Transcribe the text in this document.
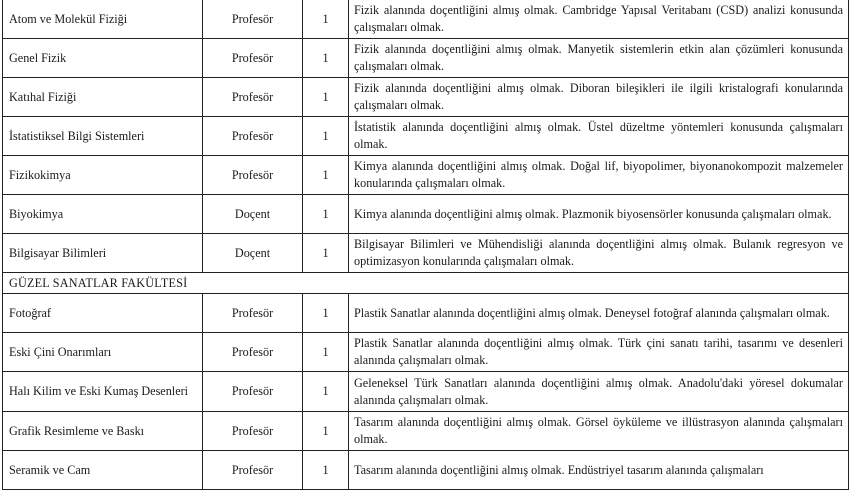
Atom ve Molekül Fiziği	Profesör	1	Fizik alanında doçentliğini almış olmak. Cambridge Yapısal Veritabanı (CSD) analizi konusunda çalışmaları olmak.
Genel Fizik	Profesör	1	Fizik alanında doçentliğini almış olmak. Manyetik sistemlerin etkin alan çözümleri konusunda çalışmaları olmak.
Katıhal Fiziği	Profesör	1	Fizik alanında doçentliğini almış olmak. Diboran bileşikleri ile ilgili kristalografi konularında çalışmaları olmak.
İstatistiksel Bilgi Sistemleri	Profesör	1	İstatistik alanında doçentliğini almış olmak. Üstel düzeltme yöntemleri konusunda çalışmaları olmak.
Fizikokimya	Profesör	1	Kimya alanında doçentliğini almış olmak. Doğal lif, biyopolimer, biyonanokompozit malzemeler konularında çalışmaları olmak.
Biyokimya	Doçent	1	Kimya alanında doçentliğini almış olmak. Plazmonik biyosensörler konusunda çalışmaları olmak.
Bilgisayar Bilimleri	Doçent	1	Bilgisayar Bilimleri ve Mühendisliği alanında doçentliğini almış olmak. Bulanık regresyon ve optimizasyon konularında çalışmaları olmak.
GÜZEL SANATLAR FAKÜLTESİ			
Fotoğraf	Profesör	1	Plastik Sanatlar alanında doçentliğini almış olmak. Deneysel fotoğraf alanında çalışmaları olmak.
Eski Çini Onarımları	Profesör	1	Plastik Sanatlar alanında doçentliğini almış olmak. Türk çini sanatı tarihi, tasarımı ve desenleri alanında çalışmaları olmak.
Halı Kilim ve Eski Kumaş Desenleri	Profesör	1	Geleneksel Türk Sanatları alanında doçentliğini almış olmak. Anadolu'daki yöresel dokumalar alanında çalışmaları olmak.
Grafik Resimleme ve Baskı	Profesör	1	Tasarım alanında doçentliğini almış olmak. Görsel öyküleme ve illüstrasyon alanında çalışmaları olmak.
Seramik ve Cam	Profesör	1	Tasarım alanında doçentliğini almış olmak. Endüstriyel tasarım alanında çalışmaları
